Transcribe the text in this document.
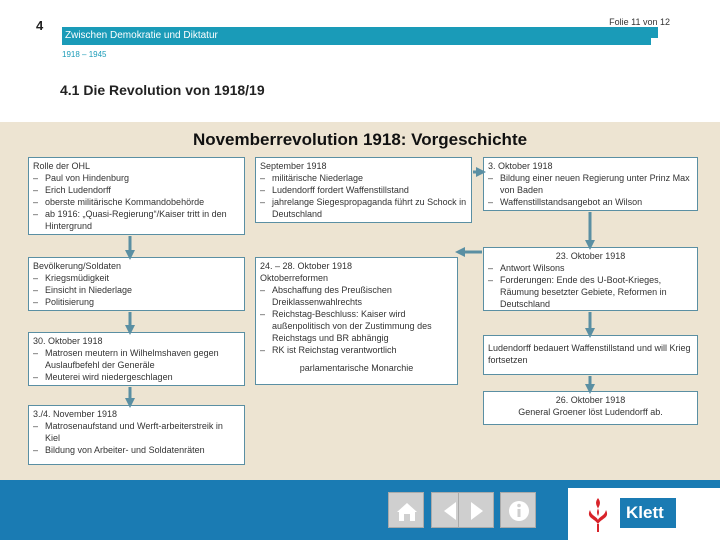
4	Folie 11 von 12
Zwischen Demokratie und Diktatur
1918 – 1945
4.1 Die Revolution von 1918/19
Novemberrevolution 1918: Vorgeschichte
Rolle der OHL
– Paul von Hindenburg
– Erich Ludendorff
– oberste militärische Kommandobehörde
– ab 1916: „Quasi-Regierung“/Kaiser tritt in den Hintergrund
Bevölkerung/Soldaten
– Kriegsmüdigkeit
– Einsicht in Niederlage
– Politisierung
30. Oktober 1918
– Matrosen meutern in Wilhelmshaven gegen Auslaufbefehl der Generäle
– Meuterei wird niedergeschlagen
3./4. November 1918
– Matrosenaufstand und Werft-arbeiterstreik in Kiel
– Bildung von Arbeiter- und Soldatenräten
September 1918
– militärische Niederlage
– Ludendorff fordert Waffenstillstand
– jahrelange Siegespropaganda führt zu Schock in Deutschland
24. – 28. Oktober 1918
Oktoberreformen
– Abschaffung des Preußischen Dreiklassenwahlrechts
– Reichstag-Beschluss: Kaiser wird außenpolitisch von der Zustimmung des Reichstags und BR abhängig
– RK ist Reichstag verantwortlich
parlamentarische Monarchie
3. Oktober 1918
– Bildung einer neuen Regierung unter Prinz Max von Baden
– Waffenstillstandsangebot an Wilson
23. Oktober 1918
– Antwort Wilsons
– Forderungen: Ende des U-Boot-Krieges, Räumung besetzter Gebiete, Reformen in Deutschland
Ludendorff bedauert Waffenstillstand und will Krieg fortsetzen
26. Oktober 1918
General Groener löst Ludendorff ab.
Klett
